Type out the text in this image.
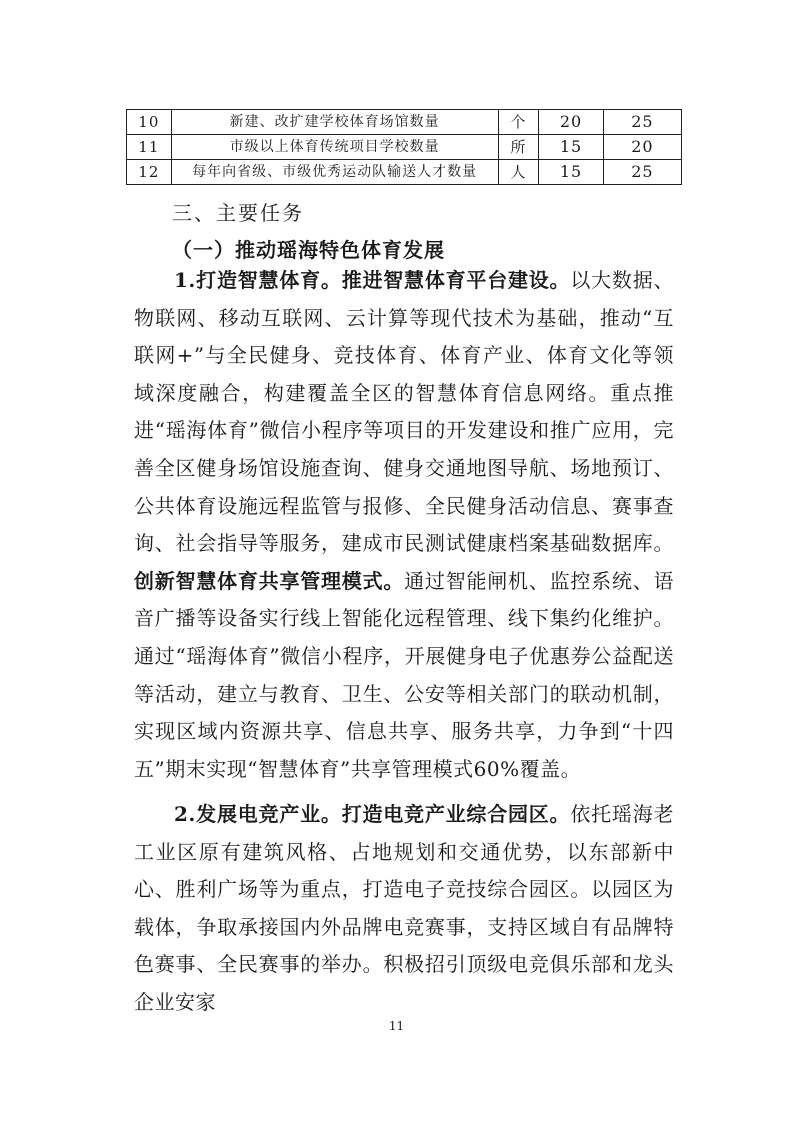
10	新建、改扩建学校体育场馆数量	个	20	25
11	市级以上体育传统项目学校数量	所	15	20
12	每年向省级、市级优秀运动队输送人才数量	人	15	25
三、主要任务
（一）推动瑶海特色体育发展

1.打造智慧体育。推进智慧体育平台建设。以大数据、物联网、移动互联网、云计算等现代技术为基础，推动“互联网+”与全民健身、竞技体育、体育产业、体育文化等领域深度融合，构建覆盖全区的智慧体育信息网络。重点推进“瑶海体育”微信小程序等项目的开发建设和推广应用，完善全区健身场馆设施查询、健身交通地图导航、场地预订、公共体育设施远程监管与报修、全民健身活动信息、赛事查询、社会指导等服务，建成市民测试健康档案基础数据库。创新智慧体育共享管理模式。通过智能闸机、监控系统、语音广播等设备实行线上智能化远程管理、线下集约化维护。通过“瑶海体育”微信小程序，开展健身电子优惠券公益配送等活动，建立与教育、卫生、公安等相关部门的联动机制，实现区域内资源共享、信息共享、服务共享，力争到“十四五”期末实现“智慧体育”共享管理模式60%覆盖。

2.发展电竞产业。打造电竞产业综合园区。依托瑶海老工业区原有建筑风格、占地规划和交通优势，以东部新中心、胜利广场等为重点，打造电子竞技综合园区。以园区为载体，争取承接国内外品牌电竞赛事，支持区域自有品牌特色赛事、全民赛事的举办。积极招引顶级电竞俱乐部和龙头企业安家

11
